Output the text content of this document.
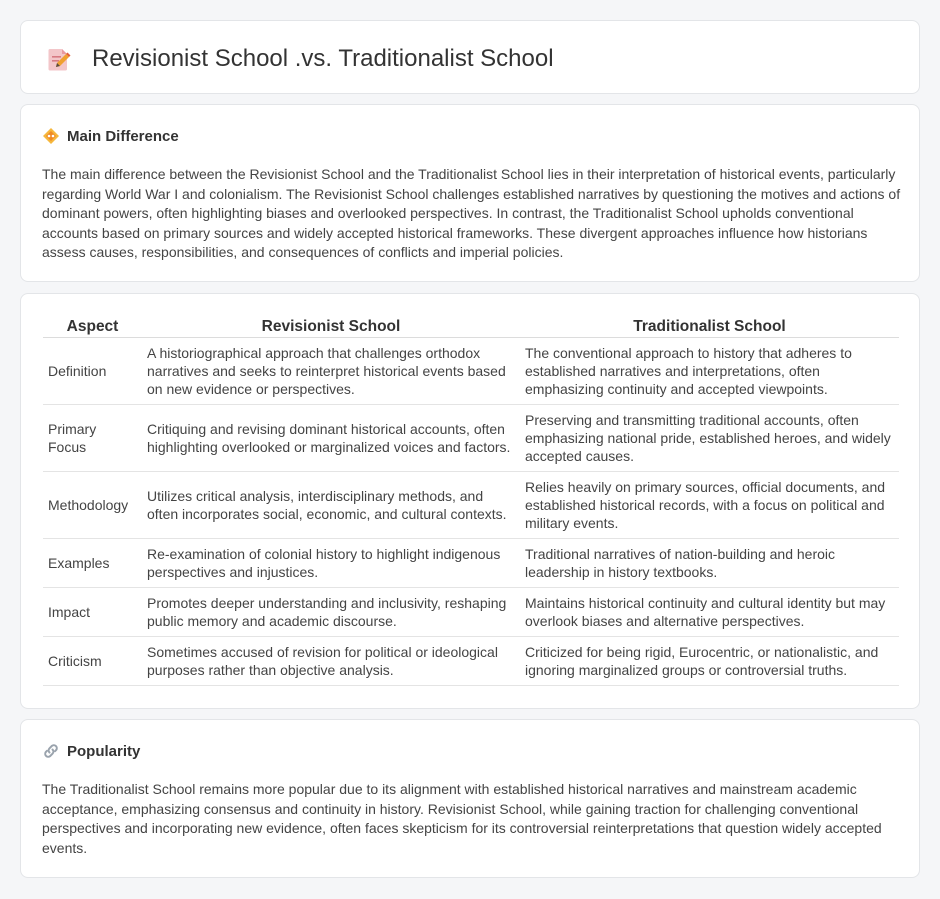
Revisionist School .vs. Traditionalist School
Main Difference

The main difference between the Revisionist School and the Traditionalist School lies in their interpretation of historical events, particularly regarding World War I and colonialism. The Revisionist School challenges established narratives by questioning the motives and actions of dominant powers, often highlighting biases and overlooked perspectives. In contrast, the Traditionalist School upholds conventional accounts based on primary sources and widely accepted historical frameworks. These divergent approaches influence how historians assess causes, responsibilities, and consequences of conflicts and imperial policies.

Aspect	Revisionist School	Traditionalist School
Definition	A historiographical approach that challenges orthodox narratives and seeks to reinterpret historical events based on new evidence or perspectives.	The conventional approach to history that adheres to established narratives and interpretations, often emphasizing continuity and accepted viewpoints.
Primary Focus	Critiquing and revising dominant historical accounts, often highlighting overlooked or marginalized voices and factors.	Preserving and transmitting traditional accounts, often emphasizing national pride, established heroes, and widely accepted causes.
Methodology	Utilizes critical analysis, interdisciplinary methods, and often incorporates social, economic, and cultural contexts.	Relies heavily on primary sources, official documents, and established historical records, with a focus on political and military events.
Examples	Re-examination of colonial history to highlight indigenous perspectives and injustices.	Traditional narratives of nation-building and heroic leadership in history textbooks.
Impact	Promotes deeper understanding and inclusivity, reshaping public memory and academic discourse.	Maintains historical continuity and cultural identity but may overlook biases and alternative perspectives.
Criticism	Sometimes accused of revision for political or ideological purposes rather than objective analysis.	Criticized for being rigid, Eurocentric, or nationalistic, and ignoring marginalized groups or controversial truths.
Popularity

The Traditionalist School remains more popular due to its alignment with established historical narratives and mainstream academic acceptance, emphasizing consensus and continuity in history. Revisionist School, while gaining traction for challenging conventional perspectives and incorporating new evidence, often faces skepticism for its controversial reinterpretations that question widely accepted events.
